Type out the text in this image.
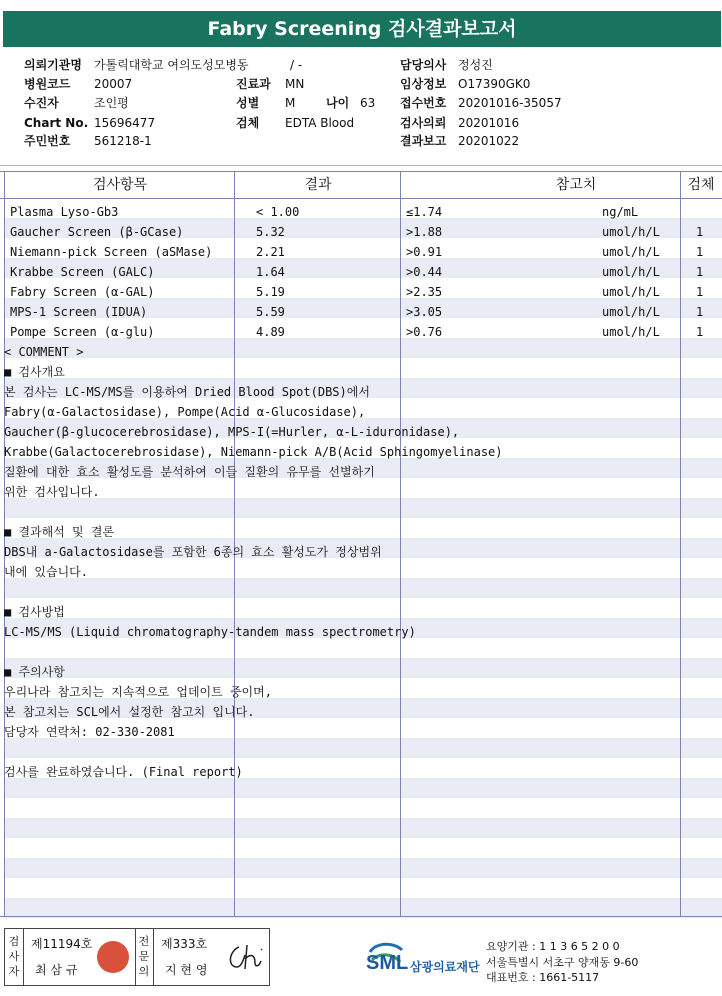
Fabry Screening 검사결과보고서
의뢰기관명 가톨릭대학교 여의도성모병동	/ -	담당의사 정성진
병원코드 20007	진료과 MN	임상정보 O17390GK0
수진자	조인평	성별 M	나이 63 접수번호 20201016-35057
Chart No. 15696477	검체 EDTA Blood	검사의뢰 20201016
주민번호 561218-1	결과보고 20201022
검사항목	결과	참고치	검체
Plasma Lyso-Gb3	< 1.00	≤1.74	ng/mL
Gaucher Screen (β-GCase)	5.32	>1.88	umol/h/L	1
Niemann-pick Screen (aSMase)	2.21	>0.91	umol/h/L	1
Krabbe Screen (GALC)	1.64	>0.44	umol/h/L	1
Fabry Screen (α-GAL)	5.19	>2.35	umol/h/L	1
MPS-1 Screen (IDUA)	5.59	>3.05	umol/h/L	1
Pompe Screen (α-glu)	4.89	>0.76	umol/h/L	1
< COMMENT >
■ 검사개요
본 검사는 LC-MS/MS를 이용하여 Dried Blood Spot(DBS)에서
Fabry(α-Galactosidase), Pompe(Acid α-Glucosidase),
Gaucher(β-glucocerebrosidase), MPS-I(=Hurler, α-L-iduronidase),
Krabbe(Galactocerebrosidase), Niemann-pick A/B(Acid Sphingomyelinase)
질환에 대한 효소 활성도를 분석하여 이들 질환의 유무를 선별하기
위한 검사입니다.
■ 결과해석 및 결론
DBS내 a-Galactosidase를 포함한 6종의 효소 활성도가 정상범위
내에 있습니다.
■ 검사방법
LC-MS/MS (Liquid chromatography-tandem mass spectrometry)
■ 주의사항
우리나라 참고치는 지속적으로 업데이트 중이며,
본 참고치는 SCL에서 설정한 참고치 입니다.
담당자 연락처: 02-330-2081
검사를 완료하였습니다. (Final report)
검사자
제11194호
최 삼 규
전문의
제333호
지 현 영	SML 삼광의료재단
요양기관 : 1 1 3 6 5 2 0 0
서울특별시 서초구 양재동 9-60
대표번호 : 1661-5117
